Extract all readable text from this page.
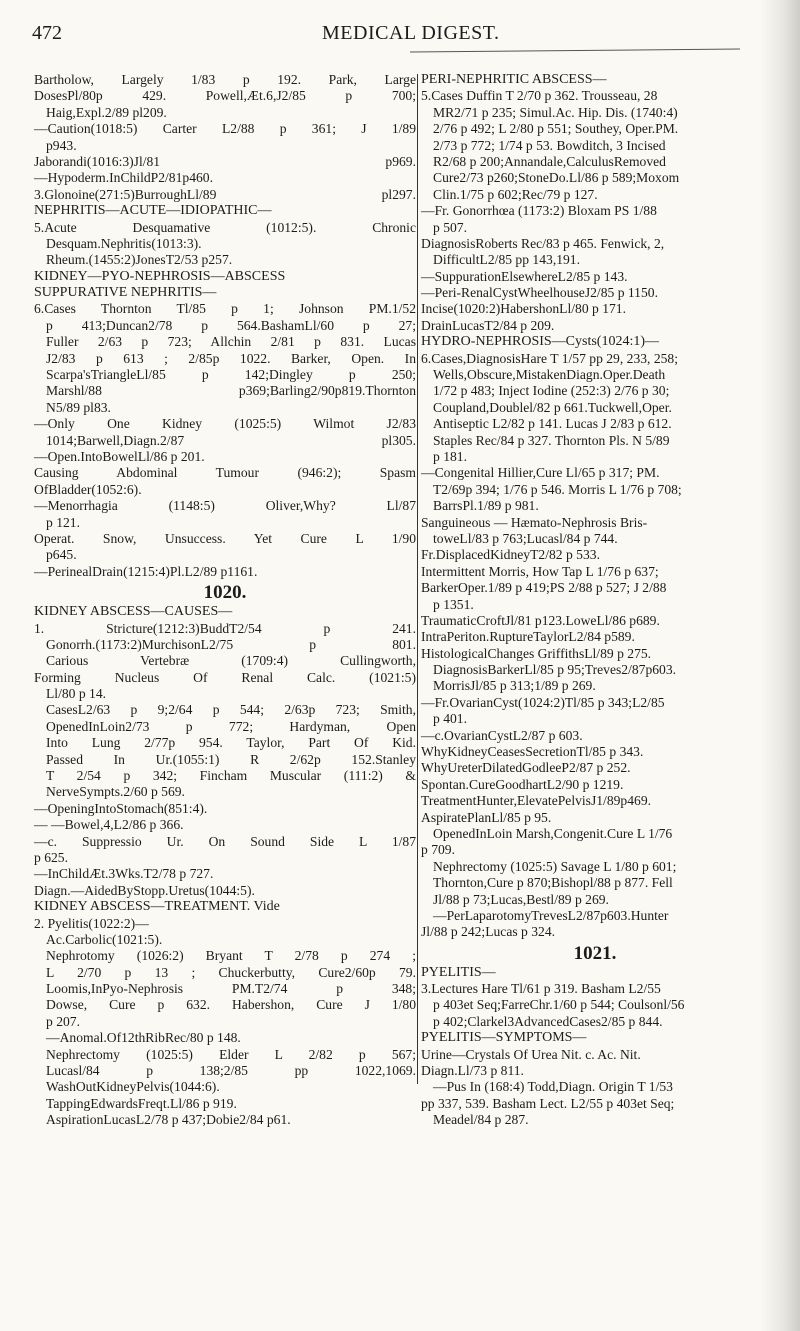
472	MEDICAL DIGEST.
Bartholow, Largely 1/83 p 192. Park, Large
DosesPl/80p 429. Powell,Æt.6,J2/85 p 700;
Haig,Expl.2/89 pl209.
—Caution(1018:5) Carter L2/88 p 361; J 1/89
p943.
Jaborandi(1016:3)Jl/81 p969.
—Hypoderm.InChildP2/81p460.
3.Glonoine(271:5)BurroughLl/89 pl297.
NEPHRITIS—ACUTE—IDIOPATHIC—
5.Acute Desquamative (1012:5). Chronic
Desquam.Nephritis(1013:3).
Rheum.(1455:2)JonesT2/53 p257.
KIDNEY—PYO-NEPHROSIS—ABSCESS
SUPPURATIVE NEPHRITIS—
6.Cases Thornton Tl/85 p 1; Johnson PM.1/52
p 413;Duncan2/78 p 564.BashamLl/60 p 27;
Fuller 2/63 p 723; Allchin 2/81 p 831. Lucas
J2/83 p 613 ; 2/85p 1022. Barker, Open. In
Scarpa'sTriangleLl/85 p 142;Dingley p 250;
Marshl/88 p369;Barling2/90p819.Thornton
N5/89 pl83.
—Only One Kidney (1025:5) Wilmot J2/83
1014;Barwell,Diagn.2/87 pl305.
—Open.IntoBowelLl/86 p 201.
Causing Abdominal Tumour (946:2); Spasm
OfBladder(1052:6).
—Menorrhagia (1148:5) Oliver,Why? Ll/87
p 121.
Operat. Snow, Unsuccess. Yet Cure L 1/90
p645.
—PerinealDrain(1215:4)Pl.L2/89 p1161.
1020.
KIDNEY ABSCESS—CAUSES—
1. Stricture(1212:3)BuddT2/54 p 241.
Gonorrh.(1173:2)MurchisonL2/75 p 801.
Carious Vertebræ (1709:4) Cullingworth,
Forming Nucleus Of Renal Calc. (1021:5)
Ll/80 p 14.
CasesL2/63 p 9;2/64 p 544; 2/63p 723; Smith,
OpenedInLoin2/73 p 772; Hardyman, Open
Into Lung 2/77p 954. Taylor, Part Of Kid.
Passed In Ur.(1055:1) R 2/62p 152.Stanley
T 2/54 p 342; Fincham Muscular (111:2) &
NerveSympts.2/60 p 569.
—OpeningIntoStomach(851:4).
— —Bowel,4,L2/86 p 366.
—c. Suppressio Ur. On Sound Side L 1/87
p 625.
—InChildÆt.3Wks.T2/78 p 727.
Diagn.—AidedByStopp.Uretus(1044:5).
KIDNEY ABSCESS—TREATMENT. Vide
2. Pyelitis(1022:2)—
Ac.Carbolic(1021:5).
Nephrotomy (1026:2) Bryant T 2/78 p 274 ;
L 2/70 p 13 ; Chuckerbutty, Cure2/60p 79.
Loomis,InPyo-Nephrosis PM.T2/74 p 348;
Dowse, Cure p 632. Habershon, Cure J 1/80
p 207.
—Anomal.Of12thRibRec/80 p 148.
Nephrectomy (1025:5) Elder L 2/82 p 567;
Lucasl/84 p 138;2/85 pp 1022,1069.
WashOutKidneyPelvis(1044:6).
TappingEdwardsFreqt.Ll/86 p 919.
AspirationLucasL2/78 p 437;Dobie2/84 p61.
PERI-NEPHRITIC ABSCESS—
5.Cases Duffin T 2/70 p 362. Trousseau, 28
MR2/71 p 235; Simul.Ac. Hip. Dis. (1740:4)
2/76 p 492; L 2/80 p 551; Southey, Oper.PM.
2/73 p 772; 1/74 p 53. Bowditch, 3 Incised
R2/68 p 200;Annandale,CalculusRemoved
Cure2/73 p260;StoneDo.Ll/86 p 589;Moxom
Clin.1/75 p 602;Rec/79 p 127.
—Fr. Gonorrhœa (1173:2) Bloxam PS 1/88
p 507.
DiagnosisRoberts Rec/83 p 465. Fenwick, 2,
DifficultL2/85 pp 143,191.
—SuppurationElsewhereL2/85 p 143.
—Peri-RenalCystWheelhouseJ2/85 p 1150.
Incise(1020:2)HabershonLl/80 p 171.
DrainLucasT2/84 p 209.
HYDRO-NEPHROSIS—Cysts(1024:1)—
6.Cases,DiagnosisHare T 1/57 pp 29, 233, 258;
Wells,Obscure,MistakenDiagn.Oper.Death
1/72 p 483; Inject Iodine (252:3) 2/76 p 30;
Coupland,Doublel/82 p 661.Tuckwell,Oper.
Antiseptic L2/82 p 141. Lucas J 2/83 p 612.
Staples Rec/84 p 327. Thornton Pls. N 5/89
p 181.
—Congenital Hillier,Cure Ll/65 p 317; PM.
T2/69p 394; 1/76 p 546. Morris L 1/76 p 708;
BarrsPl.1/89 p 981.
Sanguineous — Hæmato-Nephrosis Bris-
toweLl/83 p 763;Lucasl/84 p 744.
Fr.DisplacedKidneyT2/82 p 533.
Intermittent Morris, How Tap L 1/76 p 637;
BarkerOper.1/89 p 419;PS 2/88 p 527; J 2/88
p 1351.
TraumaticCroftJl/81 p123.LoweLl/86 p689.
IntraPeriton.RuptureTaylorL2/84 p589.
HistologicalChanges GriffithsLl/89 p 275.
DiagnosisBarkerLl/85 p 95;Treves2/87p603.
MorrisJl/85 p 313;1/89 p 269.
—Fr.OvarianCyst(1024:2)Tl/85 p 343;L2/85
p 401.
—c.OvarianCystL2/87 p 603.
WhyKidneyCeasesSecretionTl/85 p 343.
WhyUreterDilatedGodleeP2/87 p 252.
Spontan.CureGoodhartL2/90 p 1219.
TreatmentHunter,ElevatePelvisJ1/89p469.
AspiratePlanLl/85 p 95.
OpenedInLoin Marsh,Congenit.Cure L 1/76
p 709.
Nephrectomy (1025:5) Savage L 1/80 p 601;
Thornton,Cure p 870;Bishopl/88 p 877. Fell
Jl/88 p 73;Lucas,Bestl/89 p 269.
—PerLaparotomyTrevesL2/87p603.Hunter
Jl/88 p 242;Lucas p 324.
1021.
PYELITIS—
3.Lectures Hare Tl/61 p 319. Basham L2/55
p 403et Seq;FarreChr.1/60 p 544; Coulsonl/56
p 402;Clarkel3AdvancedCases2/85 p 844.
PYELITIS—SYMPTOMS—
Urine—Crystals Of Urea Nit. c. Ac. Nit.
Diagn.Ll/73 p 811.
—Pus In (168:4) Todd,Diagn. Origin T 1/53
pp 337, 539. Basham Lect. L2/55 p 403et Seq;
Meadel/84 p 287.
